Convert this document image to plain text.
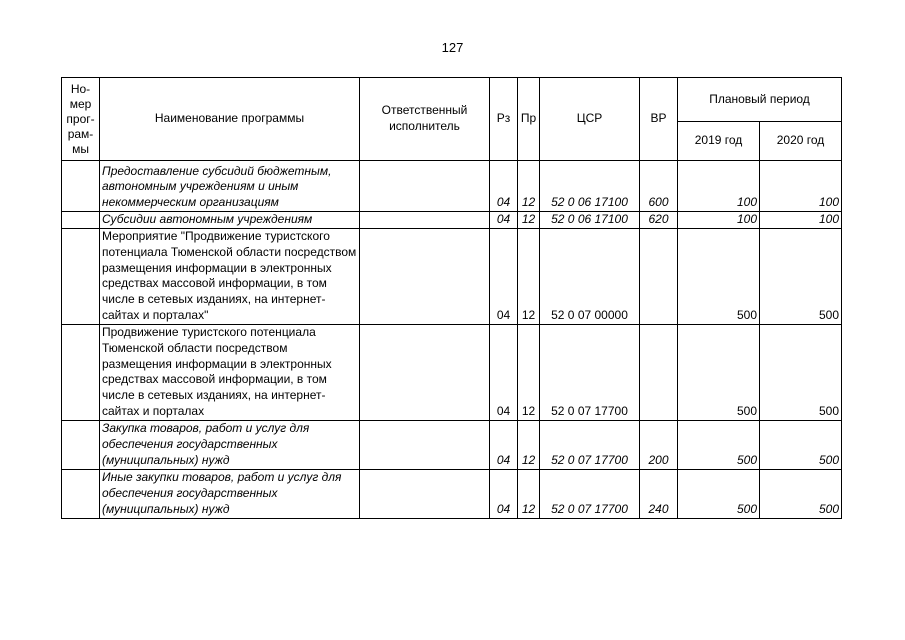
127
Но-
мер
прог-
рам-
мы	Наименование программы	Ответственный исполнитель	Рз	Пр	ЦСР	ВР	Плановый период	
							2019 год	2020 год
	Предоставление субсидий бюджетным, автономным учреждениям и иным некоммерческим организациям		04	12	52 0 06 17100	600	100	100
	Субсидии автономным учреждениям		04	12	52 0 06 17100	620	100	100
	Мероприятие "Продвижение туристского потенциала Тюменской области посредством размещения информации в электронных средствах массовой информации, в том числе в сетевых изданиях, на интернет-сайтах и порталах"		04	12	52 0 07 00000		500	500
	Продвижение туристского потенциала Тюменской области посредством размещения информации в электронных средствах массовой информации, в том числе в сетевых изданиях, на интернет-сайтах и порталах		04	12	52 0 07 17700		500	500
	Закупка товаров, работ и услуг для обеспечения государственных (муниципальных) нужд		04	12	52 0 07 17700	200	500	500
	Иные закупки товаров, работ и услуг для обеспечения государственных (муниципальных) нужд		04	12	52 0 07 17700	240	500	500
